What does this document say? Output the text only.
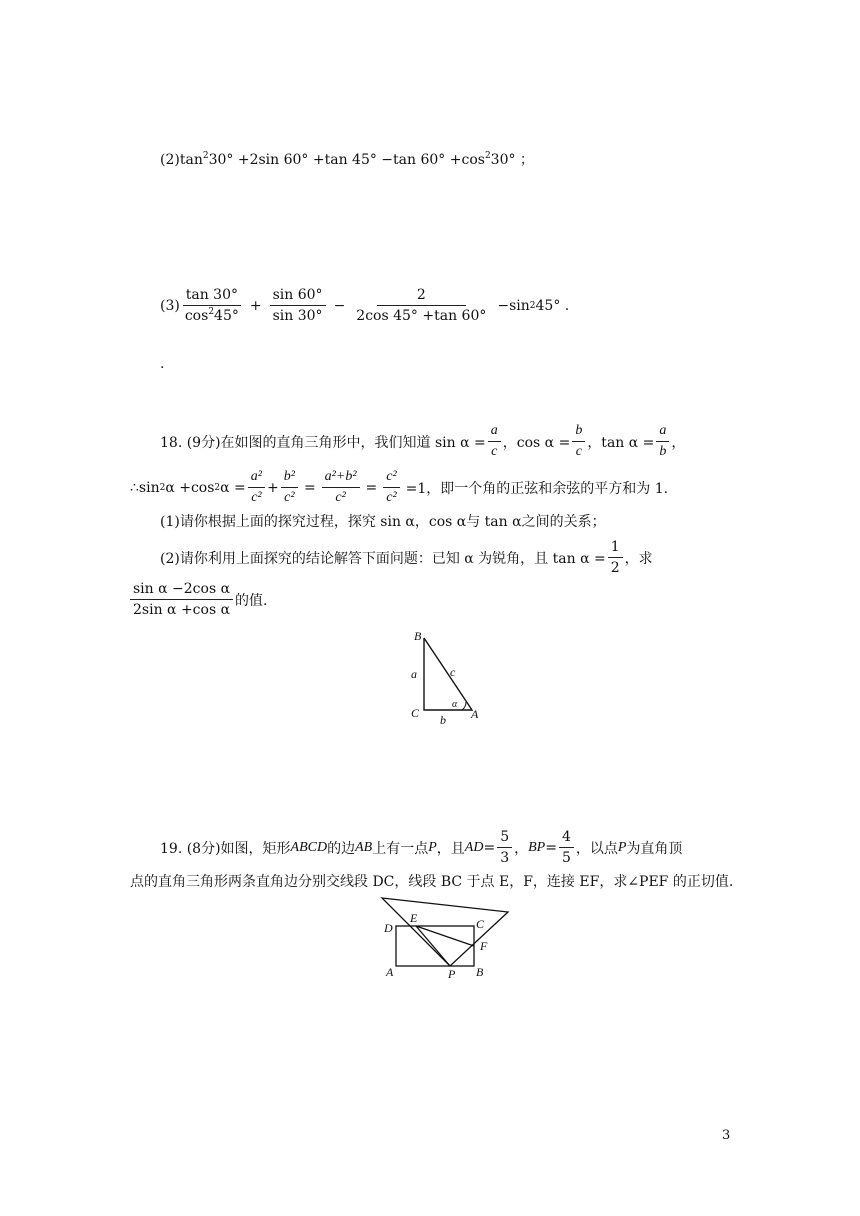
$(2)\tan^230^\circ +2\sin$ 60° +tan 45° −tan $60^\circ +\cos^230^\circ$ ；
$(3) \frac{\tan 30^\circ}{\cos^245^\circ} + \frac{\sin 60^\circ}{\sin 30^\circ} - \frac{2}{2\cos 45^\circ +\tan 60^\circ} -\sin$ 2 45° .
.
18. (9分)在如图的直角三角形中，我们知道 $\sin \alpha = \frac{a}{c}$ ，$\cos \alpha = \frac{b}{c}$ ，$\tan \alpha = \frac{a}{b}$ ，
∴sin 2 α +cos 2 $\alpha = \frac{\text{a²}}{\text{c²}} + \frac{\text{b²}}{\text{c²}} = \frac{\text{a²+b²}}{\text{c²}} = \frac{\text{c²}}{\text{c²}} =1$，即一个角的正弦和余弦的平方和为 1.
(1)请你根据上面的探究过程，探究 sin α，cos α与 tan α之间的关系；
(2)请你利用上面探究的结论解答下面问题：已知 α 为锐角，且 $\tan \alpha = \frac{1}{2}$ ，求
$\frac{\text{sin α −2cos α}}{\text{2sin α +cos α}}$ 的值.
B
a	c
C
α
A
b
19. (8分)如图，矩形 ABCD 的边 AB 上有一点 P ，且 AD = $\frac{5}{3}$ ， BP = $\frac{4}{5}$ ，以点 P 为直角顶
点的直角三角形两条直角边分别交线段 DC，线段 BC 于点 E，F，连接 EF，求∠PEF 的正切值.
D
E	C
F
A	P B
3
